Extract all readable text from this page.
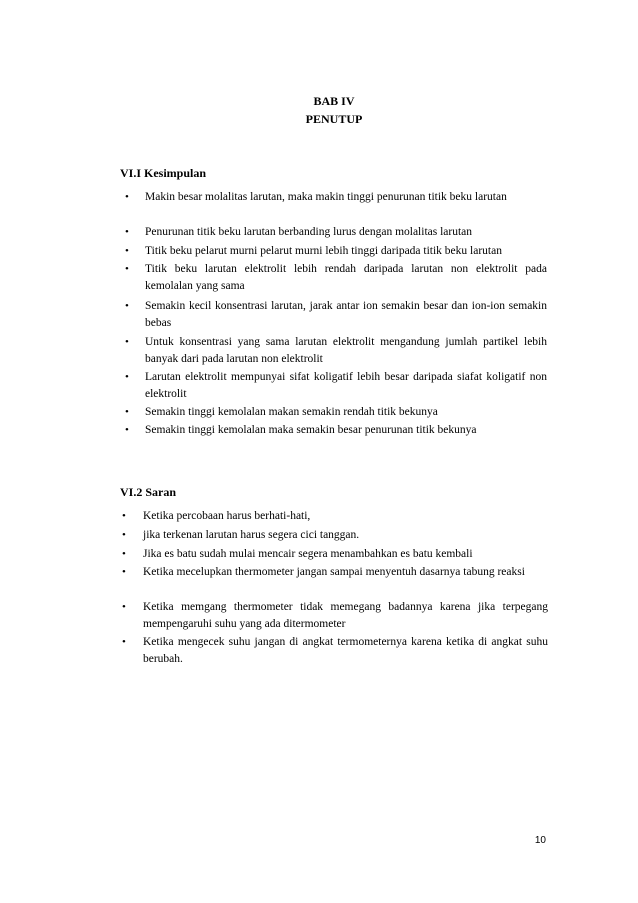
BAB IV
PENUTUP
VI.I Kesimpulan
• Makin besar molalitas larutan, maka makin tinggi penurunan titik beku larutan
• Penurunan titik beku larutan berbanding lurus dengan molalitas larutan
• Titik beku pelarut murni pelarut murni lebih tinggi daripada titik beku larutan
• Titik beku larutan elektrolit lebih rendah daripada larutan non elektrolit pada kemolalan yang sama
• Semakin kecil konsentrasi larutan, jarak antar ion semakin besar dan ion-ion semakin bebas
• Untuk konsentrasi yang sama larutan elektrolit mengandung jumlah partikel lebih banyak dari pada larutan non elektrolit
• Larutan elektrolit mempunyai sifat koligatif lebih besar daripada siafat koligatif non elektrolit
• Semakin tinggi kemolalan makan semakin rendah titik bekunya
• Semakin tinggi kemolalan maka semakin besar penurunan titik bekunya
VI.2 Saran
• Ketika percobaan harus berhati-hati,
• jika terkenan larutan harus segera cici tanggan.
• Jika es batu sudah mulai mencair segera menambahkan es batu kembali
• Ketika mecelupkan thermometer jangan sampai menyentuh dasarnya tabung reaksi
• Ketika memgang thermometer tidak memegang badannya karena jika terpegang mempengaruhi suhu yang ada ditermometer
• Ketika mengecek suhu jangan di angkat termometernya karena ketika di angkat suhu berubah.
10
